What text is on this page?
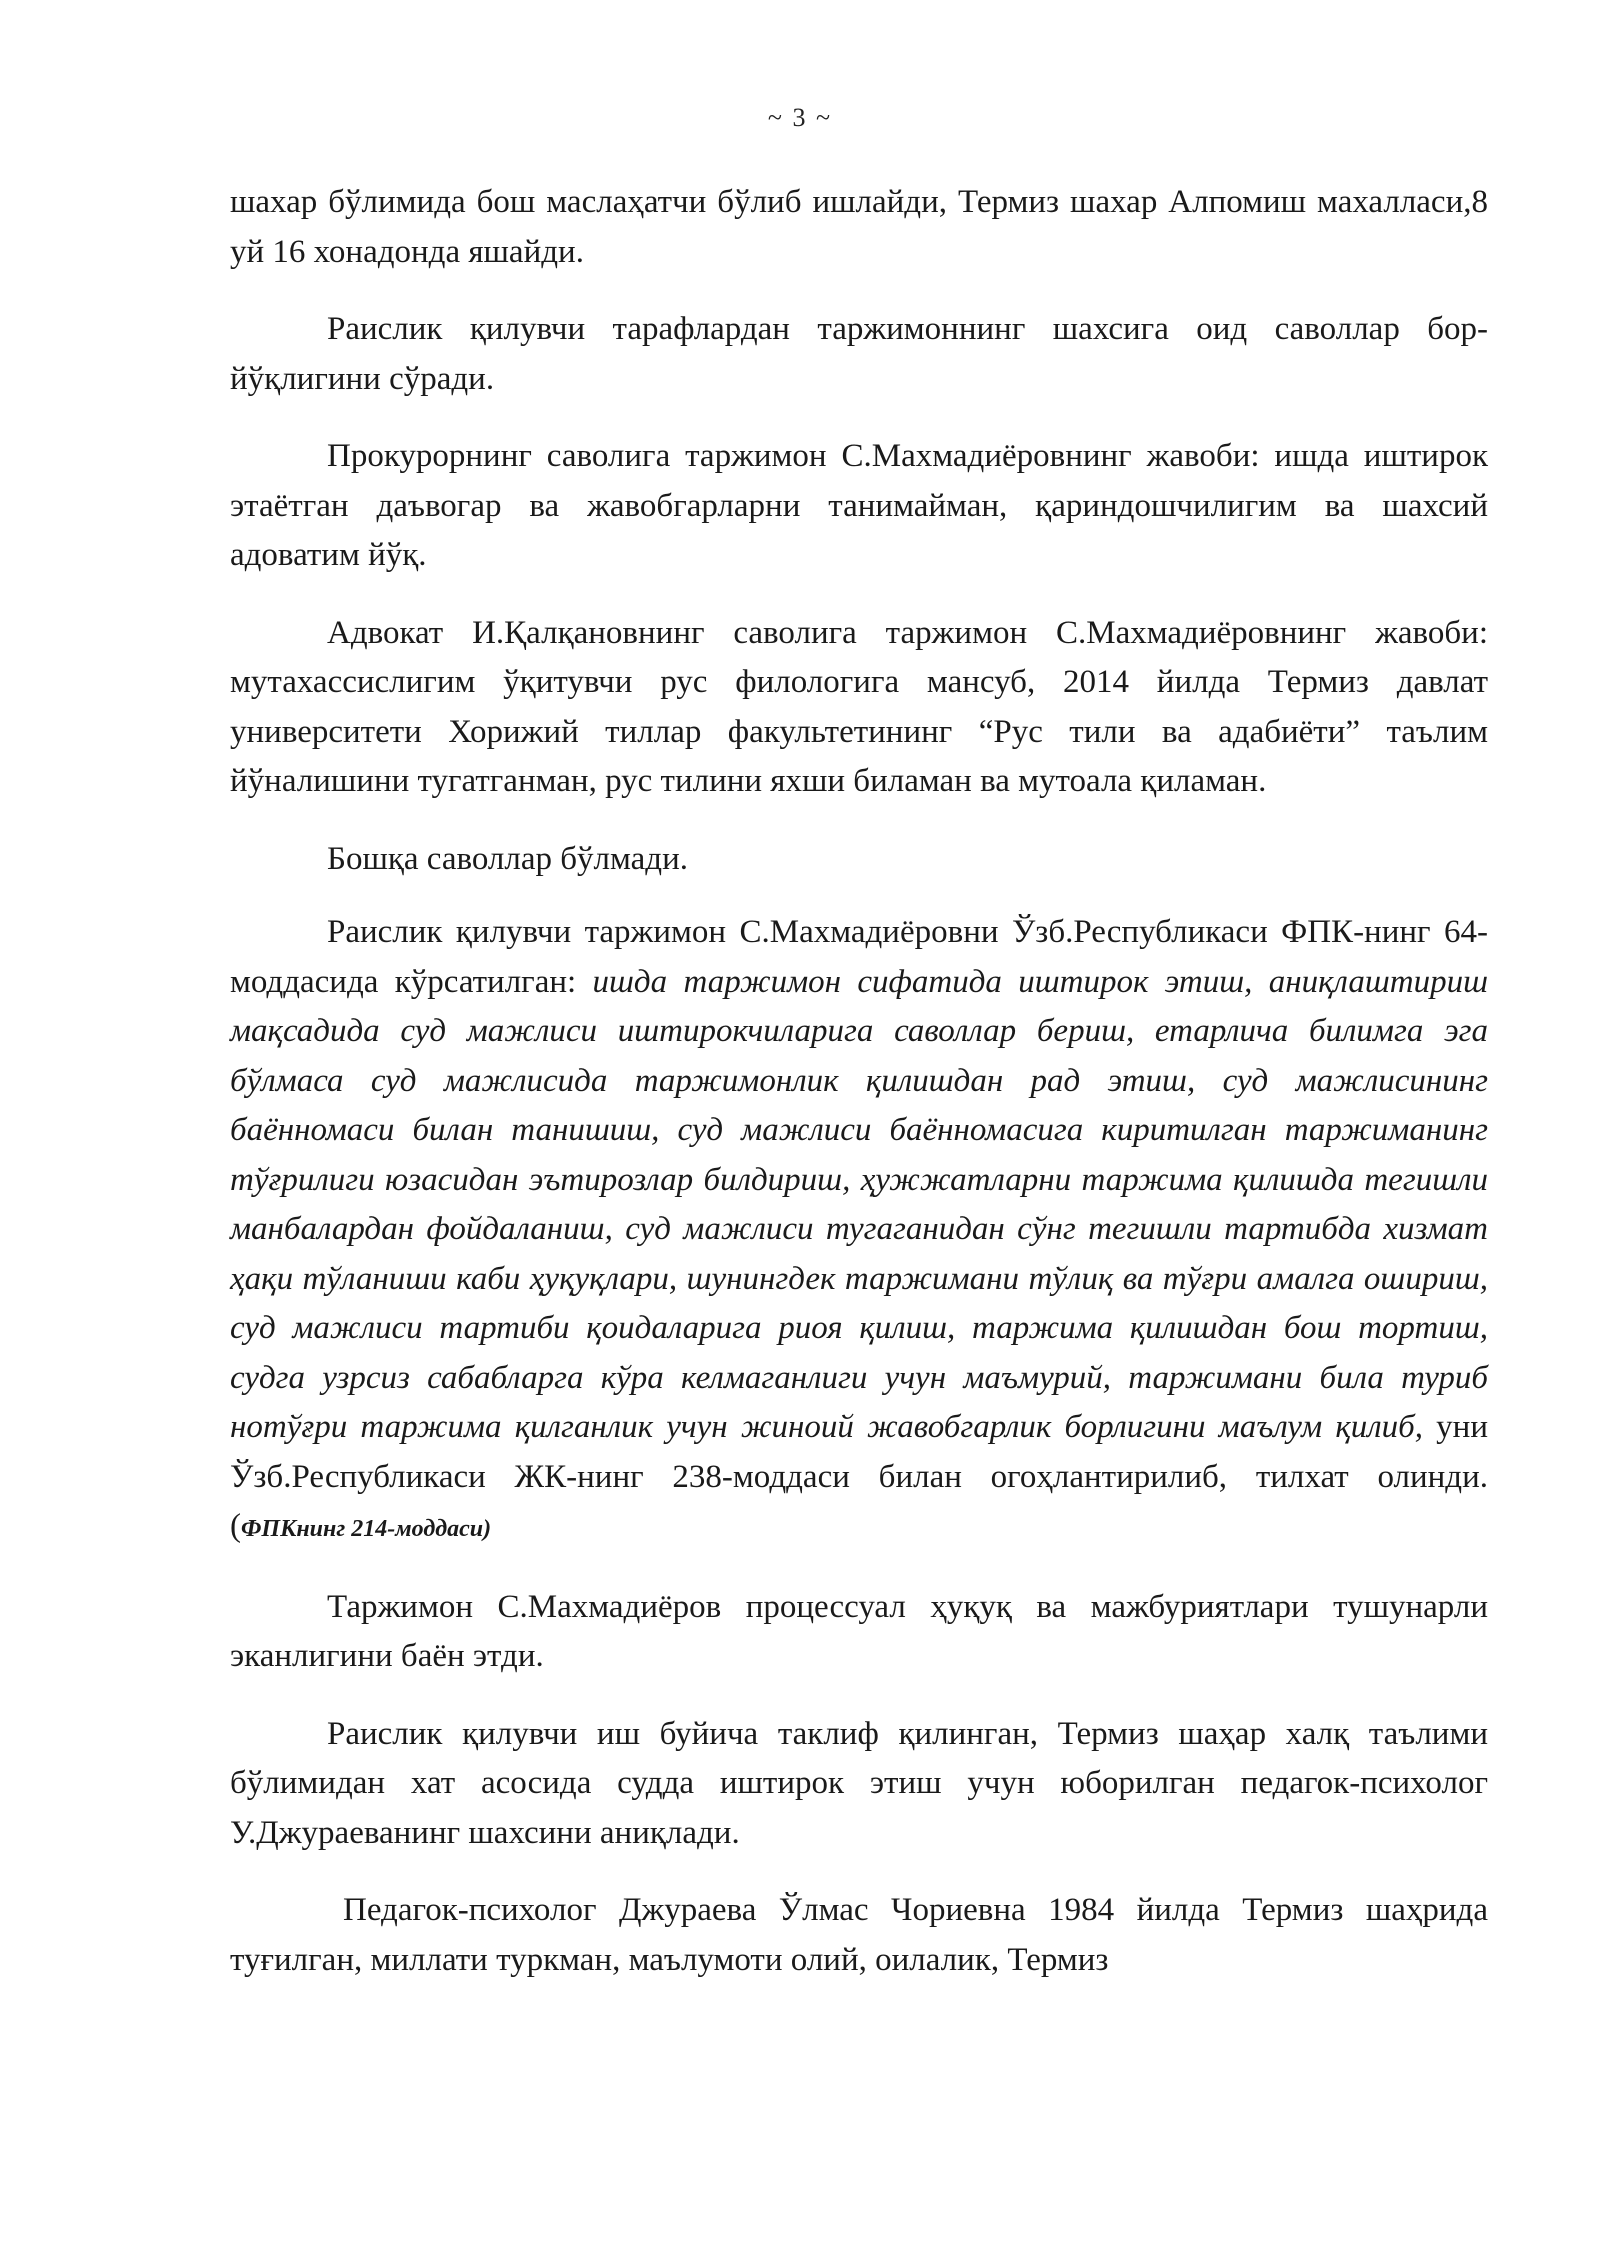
~ 3 ~

шахар бўлимида бош маслаҳатчи бўлиб ишлайди, Термиз шахар Алпомиш махалласи,8 уй 16 хонадонда яшайди.

Раислик қилувчи тарафлардан таржимоннинг шахсига оид саволлар бор-йўқлигини сўради.

Прокурорнинг саволига таржимон С.Махмадиёровнинг жавоби: ишда иштирок этаётган даъвогар ва жавобгарларни танимайман, қариндошчилигим ва шахсий адоватим йўқ.

Адвокат И.Қалқановнинг саволига таржимон С.Махмадиёровнинг жавоби: мутахассислигим ўқитувчи рус филологига мансуб, 2014 йилда Термиз давлат университети Хорижий тиллар факультетининг “Рус тили ва адабиёти” таълим йўналишини тугатганман, рус тилини яхши биламан ва мутоала қиламан.

Бошқа саволлар бўлмади.

Раислик қилувчи таржимон С.Махмадиёровни Ўзб.Республикаси ФПК-нинг 64-моддасида кўрсатилган: ишда таржимон сифатида иштирок этиш, аниқлаштириш мақсадида суд мажлиси иштирокчиларига саволлар бериш, етарлича билимга эга бўлмаса суд мажлисида таржимонлик қилишдан рад этиш, суд мажлисининг баённомаси билан танишиш, суд мажлиси баённомасига киритилган таржиманинг тўғрилиги юзасидан эътирозлар билдириш, ҳужжатларни таржима қилишда тегишли манбалардан фойдаланиш, суд мажлиси тугаганидан сўнг тегишли тартибда хизмат ҳақи тўланиши каби ҳуқуқлари, шунингдек таржимани тўлиқ ва тўғри амалга ошириш, суд мажлиси тартиби қоидаларига риоя қилиш, таржима қилишдан бош тортиш, судга узрсиз сабабларга кўра келмаганлиги учун маъмурий, таржимани била туриб нотўғри таржима қилганлик учун жиноий жавобгарлик борлигини маълум қилиб, уни Ўзб.Республикаси ЖК-нинг 238-моддаси билан огоҳлантирилиб, тилхат олинди. (ФПКнинг 214-моддаси)

Таржимон С.Махмадиёров процессуал ҳуқуқ ва мажбуриятлари тушунарли эканлигини баён этди.

Раислик қилувчи иш буйича таклиф қилинган, Термиз шаҳар халқ таълими бўлимидан хат асосида судда иштирок этиш учун юборилган педагок-психолог У.Джураеванинг шахсини аниқлади.

Педагок-психолог Джураева Ўлмас Чориевна 1984 йилда Термиз шаҳрида туғилган, миллати туркман, маълумоти олий, оилалик, Термиз
